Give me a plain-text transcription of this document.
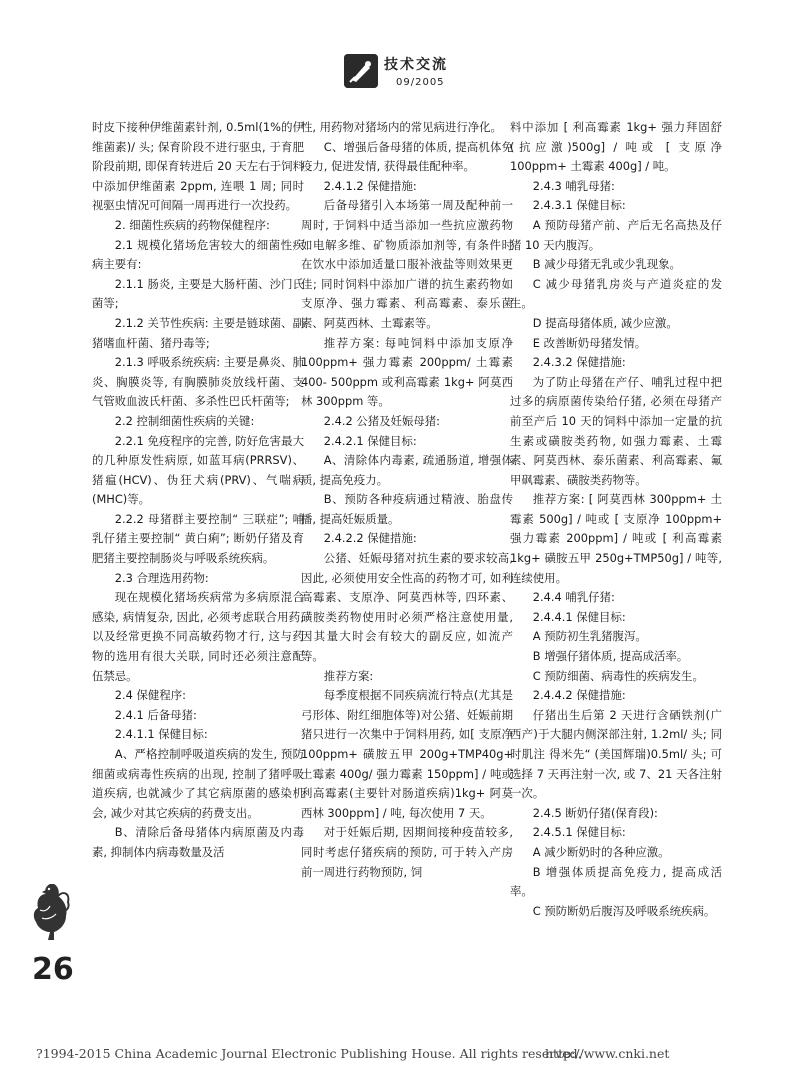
技术交流
09/2005

时皮下接种伊维菌素针剂, 0.5ml(1%的伊维菌素)/ 头; 保育阶段不进行驱虫, 于育肥阶段前期, 即保育转进后 20 天左右于饲料中添加伊维菌素 2ppm, 连喂 1 周; 同时视驱虫情况可间隔一周再进行一次投药。

2. 细菌性疾病的药物保健程序:

2.1 规模化猪场危害较大的细菌性疾病主要有:

2.1.1 肠炎, 主要是大肠杆菌、沙门氏菌等;

2.1.2 关节性疾病: 主要是链球菌、副猪嗜血杆菌、猪丹毒等;

2.1.3 呼吸系统疾病: 主要是鼻炎、肺炎、胸膜炎等, 有胸膜肺炎放线杆菌、支气管败血波氏杆菌、多杀性巴氏杆菌等;

2.2 控制细菌性疾病的关键:

2.2.1 免疫程序的完善, 防好危害最大的几种原发性病原, 如蓝耳病(PRRSV)、猪瘟(HCV)、伪狂犬病(PRV)、气喘病(MHC)等。

2.2.2 母猪群主要控制“ 三联症”; 哺乳仔猪主要控制“ 黄白痢”; 断奶仔猪及育肥猪主要控制肠炎与呼吸系统疾病。

2.3 合理选用药物:

现在规模化猪场疾病常为多病原混合感染, 病情复杂, 因此, 必须考虑联合用药, 以及经常更换不同高敏药物才行, 这与药物的选用有很大关联, 同时还必须注意配伍禁忌。

2.4 保健程序:

2.4.1 后备母猪:

2.4.1.1 保健目标:

A、严格控制呼吸道疾病的发生, 预防细菌或病毒性疾病的出现, 控制了猪呼吸道疾病, 也就减少了其它病原菌的感染机会, 减少对其它疾病的药费支出。

B、清除后备母猪体内病原菌及内毒素, 抑制体内病毒数量及活

性, 用药物对猪场内的常见病进行净化。

C、增强后备母猪的体质, 提高机体免疫力, 促进发情, 获得最佳配种率。

2.4.1.2 保健措施:

后备母猪引入本场第一周及配种前一周时, 于饲料中适当添加一些抗应激药物如电解多维、矿物质添加剂等, 有条件时在饮水中添加适量口服补液盐等则效果更佳; 同时饲料中添加广谱的抗生素药物如支原净、强力霉素、利高霉素、泰乐菌素、阿莫西林、土霉素等。

推荐方案: 每吨饲料中添加支原净 100ppm+ 强力霉素 200ppm/ 土霉素 400- 500ppm 或利高霉素 1kg+ 阿莫西林 300ppm 等。

2.4.2 公猪及妊娠母猪:

2.4.2.1 保健目标:

A、清除体内毒素, 疏通肠道, 增强体质, 提高免疫力。

B、预防各种疫病通过精液、胎盘传播, 提高妊娠质量。

2.4.2.2 保健措施:

公猪、妊娠母猪对抗生素的要求较高, 因此, 必须使用安全性高的药物才可, 如利高霉素、支原净、阿莫西林等, 四环素、磺胺类药物使用时必须严格注意使用量, 因其量大时会有较大的副反应, 如流产等。

推荐方案:

每季度根据不同疾病流行特点(尤其是弓形体、附红细胞体等)对公猪、妊娠前期猪只进行一次集中于饲料用药, 如[ 支原净 100ppm+ 磺胺五甲 200g+TMP40g+ 土霉素 400g/ 强力霉素 150ppm] / 吨或 利高霉素(主要针对肠道疾病)1kg+ 阿莫西林 300ppm] / 吨, 每次使用 7 天。

对于妊娠后期, 因期间接种疫苗较多, 同时考虑仔猪疾病的预防, 可于转入产房前一周进行药物预防, 饲

料中添加 [ 利高霉素 1kg+ 强力拜固舒 (抗应激)500g] / 吨或 [ 支原净 100ppm+ 土霉素 400g] / 吨。

2.4.3 哺乳母猪:

2.4.3.1 保健目标:

A 预防母猪产前、产后无名高热及仔猪 10 天内腹泻。

B 减少母猪无乳或少乳现象。

C 减少母猪乳房炎与产道炎症的发生。

D 提高母猪体质, 减少应激。

E 改善断奶母猪发情。

2.4.3.2 保健措施:

为了防止母猪在产仔、哺乳过程中把过多的病原菌传染给仔猪, 必须在母猪产前至产后 10 天的饲料中添加一定量的抗生素或磺胺类药物, 如强力霉素、土霉素、阿莫西林、泰乐菌素、利高霉素、氟甲砜霉素、磺胺类药物等。

推荐方案: [ 阿莫西林 300ppm+ 土霉素 500g] / 吨或 [ 支原净 100ppm+ 强力霉素 200ppm] / 吨或 [ 利高霉素 1kg+ 磺胺五甲 250g+TMP50g] / 吨等, 连续使用。

2.4.4 哺乳仔猪:

2.4.4.1 保健目标:

A 预防初生乳猪腹泻。

B 增强仔猪体质, 提高成活率。

C 预防细菌、病毒性的疾病发生。

2.4.4.2 保健措施:

仔猪出生后第 2 天进行含硒铁剂(广西产)于大腿内侧深部注射, 1.2ml/ 头; 同时肌注 得米先“ (美国辉瑞)0.5ml/ 头; 可选择 7 天再注射一次, 或 7、21 天各注射一次。

2.4.5 断奶仔猪(保育段):

2.4.5.1 保健目标:

A 减少断奶时的各种应激。

B 增强体质提高免疫力, 提高成活率。

C 预防断奶后腹泻及呼吸系统疾病。

26
?1994-2015 China Academic Journal Electronic Publishing House. All rights reserved.
http://www.cnki.net
